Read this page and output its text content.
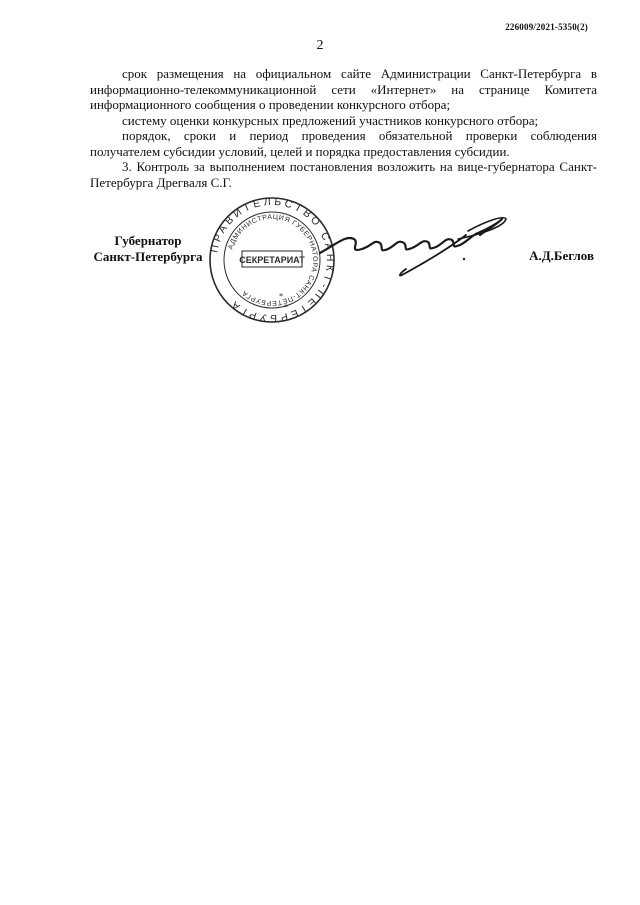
226009/2021-5350(2)
2

срок размещения на официальном сайте Администрации Санкт-Петербурга в информационно-телекоммуникационной сети «Интернет» на странице Комитета информационного сообщения о проведении конкурсного отбора;

систему оценки конкурсных предложений участников конкурсного отбора;

порядок, сроки и период проведения обязательной проверки соблюдения получателем субсидии условий, целей и порядка предоставления субсидии.

3. Контроль за выполнением постановления возложить на вице-губернатора Санкт-Петербурга Дрегваля С.Г.

Губернатор
Санкт-Петербурга
ПРАВИТЕЛЬСТВО САНКТ-ПЕТЕРБУРГА
АДМИНИСТРАЦИЯ ГУБЕРНАТОРА САНКТ-ПЕТЕРБУРГА
СЕКРЕТАРИАТ
*
*
А.Д.Беглов
